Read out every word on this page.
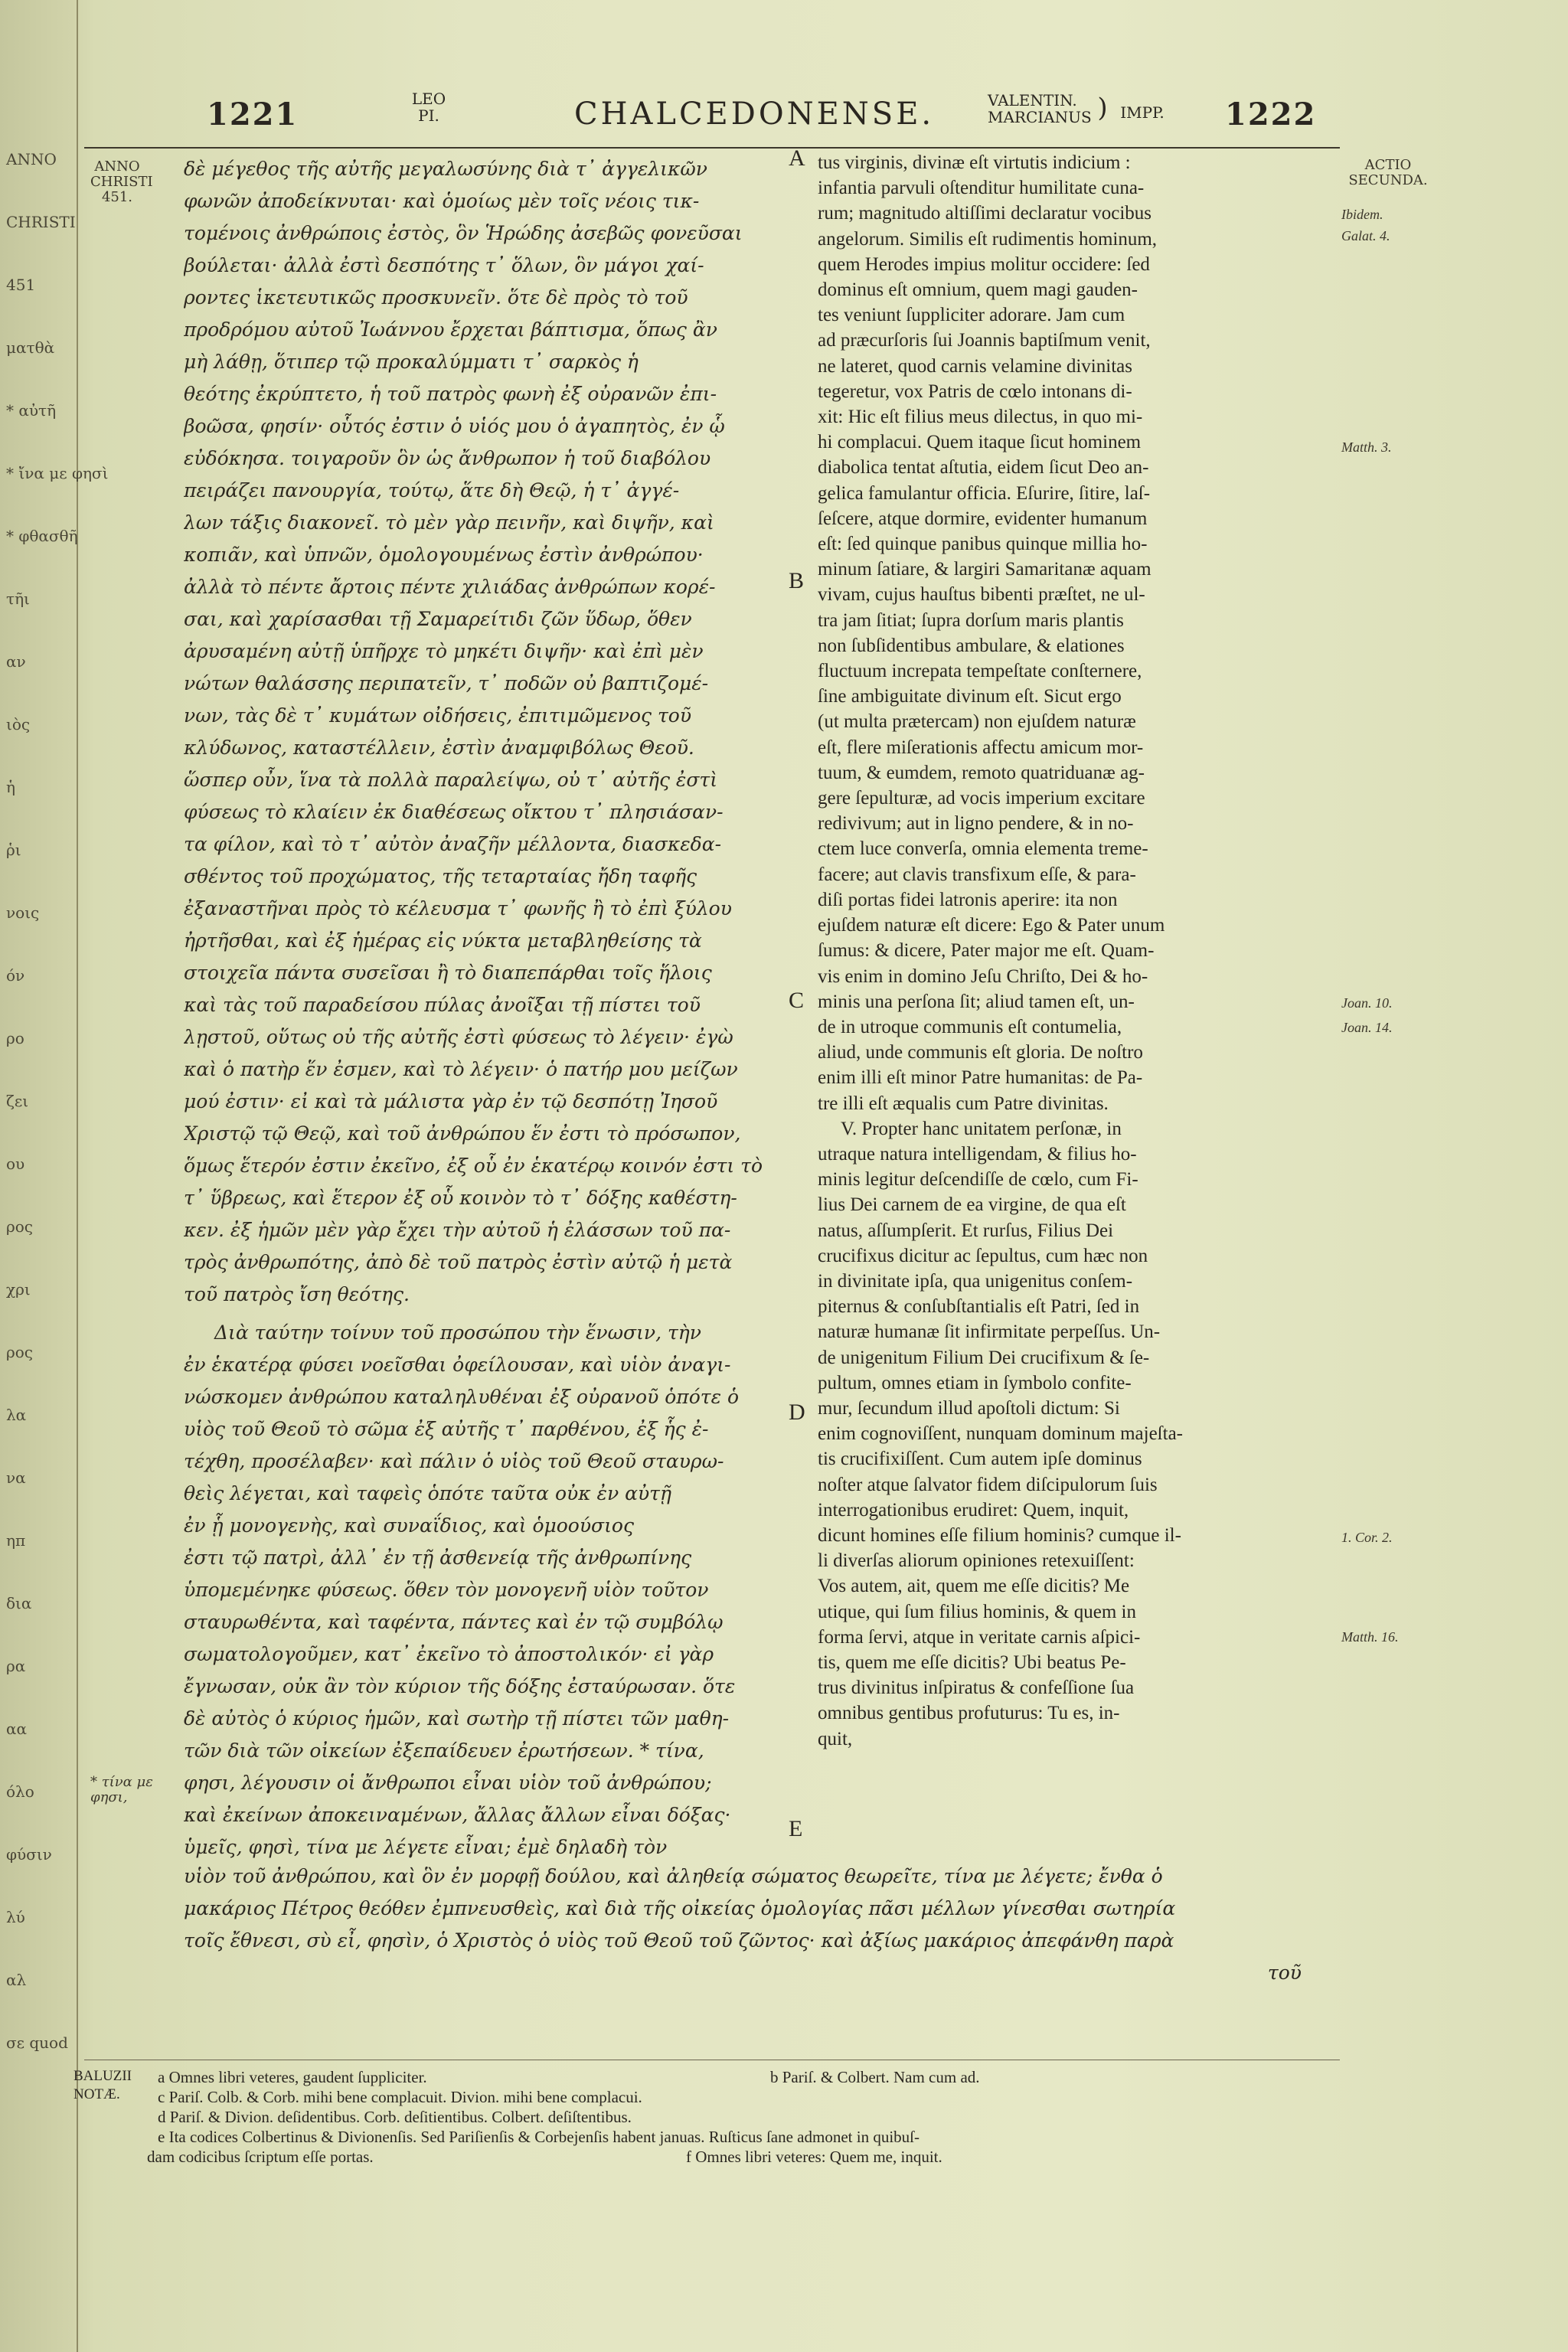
ANNO
CHRISTI
451
ματθὰ
* αὐτῆ
* ἴνα με φησὶ
* φθασθῆ
τῆι
αν
ιὸς
ἡ
ῥι
νοις
όν
ρο
ζει
ου
ρος
χρι
ρος
λα
να
ηπ
δια
ρα
αα
όλο
φύσιν
λύ
αλ
σε quod
1221	LEO
PI.	CHALCEDONENSE.	VALENTIN.
MARCIANUS ) IMPP. 1222
ANNO
CHRISTI
451.
ACTIO
SECUNDA.
Ibidem.
Galat. 4.
Matth. 3.
Joan. 10.
Joan. 14.
1. Cor. 2.
Matth. 16.
A
B
C
D
E
* τίνα με φησι,

δὲ μέγεθος τῆς αὐτῆς μεγαλωσύνης διὰ τ᾿ ἀγγελικῶν

φωνῶν ἀποδείκνυται· καὶ ὁμοίως μὲν τοῖς νέοις τικ-

τομένοις ἀνθρώποις ἐστὸς, ὃν Ἡρώδης ἀσεβῶς φονεῦσαι

βούλεται· ἀλλὰ ἐστὶ δεσπότης τ᾿ ὅλων, ὃν μάγοι χαί-

ροντες ἱκετευτικῶς προσκυνεῖν. ὅτε δὲ πρὸς τὸ τοῦ

προδρόμου αὐτοῦ Ἰωάννου ἔρχεται βάπτισμα, ὅπως ἂν

μὴ λάθῃ, ὅτιπερ τῷ προκαλύμματι τ᾿ σαρκὸς ἡ

θεότης ἐκρύπτετο, ἡ τοῦ πατρὸς φωνὴ ἐξ οὐρανῶν ἐπι-

βοῶσα, φησίν· οὗτός ἐστιν ὁ υἱός μου ὁ ἀγαπητὸς, ἐν ᾧ

εὐδόκησα. τοιγαροῦν ὃν ὡς ἄνθρωπον ἡ τοῦ διαβόλου

πειράζει πανουργία, τούτῳ, ἅτε δὴ Θεῷ, ἡ τ᾿ ἀγγέ-

λων τάξις διακονεῖ. τὸ μὲν γὰρ πεινῆν, καὶ διψῆν, καὶ

κοπιᾶν, καὶ ὑπνῶν, ὁμολογουμένως ἐστὶν ἀνθρώπου·

ἀλλὰ τὸ πέντε ἄρτοις πέντε χιλιάδας ἀνθρώπων κορέ-

σαι, καὶ χαρίσασθαι τῇ Σαμαρείτιδι ζῶν ὕδωρ, ὅθεν

ἀρυσαμένη αὐτῇ ὑπῆρχε τὸ μηκέτι διψῆν· καὶ ἐπὶ μὲν

νώτων θαλάσσης περιπατεῖν, τ᾿ ποδῶν οὐ βαπτιζομέ-

νων, τὰς δὲ τ᾿ κυμάτων οἰδήσεις, ἐπιτιμῶμενος τοῦ

κλύδωνος, καταστέλλειν, ἐστὶν ἀναμφιβόλως Θεοῦ.

ὥσπερ οὖν, ἵνα τὰ πολλὰ παραλείψω, οὐ τ᾿ αὐτῆς ἐστὶ

φύσεως τὸ κλαίειν ἐκ διαθέσεως οἴκτου τ᾿ πλησιάσαν-

τα φίλον, καὶ τὸ τ᾿ αὐτὸν ἀναζῆν μέλλοντα, διασκεδα-

σθέντος τοῦ προχώματος, τῆς τεταρταίας ἤδη ταφῆς

ἐξαναστῆναι πρὸς τὸ κέλευσμα τ᾿ φωνῆς ἢ τὸ ἐπὶ ξύλου

ἠρτῆσθαι, καὶ ἐξ ἡμέρας εἰς νύκτα μεταβληθείσης τὰ

στοιχεῖα πάντα συσεῖσαι ἢ τὸ διαπεπάρθαι τοῖς ἥλοις

καὶ τὰς τοῦ παραδείσου πύλας ἀνοῖξαι τῇ πίστει τοῦ

λῃστοῦ, οὕτως οὐ τῆς αὐτῆς ἐστὶ φύσεως τὸ λέγειν· ἐγὼ

καὶ ὁ πατὴρ ἕν ἐσμεν, καὶ τὸ λέγειν· ὁ πατήρ μου μείζων

μού ἐστιν· εἰ καὶ τὰ μάλιστα γὰρ ἐν τῷ δεσπότῃ Ἰησοῦ

Χριστῷ τῷ Θεῷ, καὶ τοῦ ἀνθρώπου ἕν ἐστι τὸ πρόσωπον,

ὅμως ἕτερόν ἐστιν ἐκεῖνο, ἐξ οὗ ἐν ἑκατέρῳ κοινόν ἐστι τὸ

τ᾿ ὕβρεως, καὶ ἕτερον ἐξ οὗ κοινὸν τὸ τ᾿ δόξης καθέστη-

κεν. ἐξ ἡμῶν μὲν γὰρ ἔχει τὴν αὐτοῦ ἡ ἐλάσσων τοῦ πα-

τρὸς ἀνθρωπότης, ἀπὸ δὲ τοῦ πατρὸς ἐστὶν αὐτῷ ἡ μετὰ

τοῦ πατρὸς ἴση θεότης.

Διὰ ταύτην τοίνυν τοῦ προσώπου τὴν ἕνωσιν, τὴν

ἐν ἑκατέρᾳ φύσει νοεῖσθαι ὀφείλουσαν, καὶ υἱὸν ἀναγι-

νώσκομεν ἀνθρώπου καταληλυθέναι ἐξ οὐρανοῦ ὁπότε ὁ

υἱὸς τοῦ Θεοῦ τὸ σῶμα ἐξ αὐτῆς τ᾿ παρθένου, ἐξ ἧς ἐ-

τέχθη, προσέλαβεν· καὶ πάλιν ὁ υἱὸς τοῦ Θεοῦ σταυρω-

θεὶς λέγεται, καὶ ταφεὶς ὁπότε ταῦτα οὐκ ἐν αὐτῇ

ἐν ᾗ μονογενὴς, καὶ συναΐδιος, καὶ ὁμοούσιος

ἐστι τῷ πατρὶ, ἀλλ᾿ ἐν τῇ ἀσθενείᾳ τῆς ἀνθρωπίνης

ὑπομεμένηκε φύσεως. ὅθεν τὸν μονογενῆ υἱὸν τοῦτον

σταυρωθέντα, καὶ ταφέντα, πάντες καὶ ἐν τῷ συμβόλῳ

σωματολογοῦμεν, κατ᾿ ἐκεῖνο τὸ ἀποστολικόν· εἰ γὰρ

ἔγνωσαν, οὐκ ἂν τὸν κύριον τῆς δόξης ἐσταύρωσαν. ὅτε

δὲ αὐτὸς ὁ κύριος ἡμῶν, καὶ σωτὴρ τῇ πίστει τῶν μαθη-

τῶν διὰ τῶν οἰκείων ἐξεπαίδευεν ἐρωτήσεων. * τίνα,

φησι, λέγουσιν οἱ ἄνθρωποι εἶναι υἱὸν τοῦ ἀνθρώπου;

καὶ ἐκείνων ἀποκειναμένων, ἄλλας ἄλλων εἶναι δόξας·

ὑμεῖς, φησὶ, τίνα με λέγετε εἶναι; ἐμὲ δηλαδὴ τὸν

tus virginis, divinæ eſt virtutis indicium :

infantia parvuli oſtenditur humilitate cuna-

rum; magnitudo altiſſimi declaratur vocibus

angelorum. Similis eſt rudimentis hominum,

quem Herodes impius molitur occidere: ſed

dominus eſt omnium, quem magi gauden-

tes veniunt ſuppliciter adorare. Jam cum

ad præcurſoris ſui Joannis baptiſmum venit,

ne lateret, quod carnis velamine divinitas

tegeretur, vox Patris de cœlo intonans di-

xit: Hic eſt filius meus dilectus, in quo mi-

hi complacui. Quem itaque ſicut hominem

diabolica tentat aſtutia, eidem ſicut Deo an-

gelica famulantur officia. Eſurire, ſitire, laſ-

ſeſcere, atque dormire, evidenter humanum

eſt: ſed quinque panibus quinque millia ho-

minum ſatiare, & largiri Samaritanæ aquam

vivam, cujus hauſtus bibenti præſtet, ne ul-

tra jam ſitiat; ſupra dorſum maris plantis

non ſubſidentibus ambulare, & elationes

fluctuum increpata tempeſtate conſternere,

ſine ambiguitate divinum eſt. Sicut ergo

(ut multa prætercam) non ejuſdem naturæ

eſt, flere miſerationis affectu amicum mor-

tuum, & eumdem, remoto quatriduanæ ag-

gere ſepulturæ, ad vocis imperium excitare

redivivum; aut in ligno pendere, & in no-

ctem luce converſa, omnia elementa treme-

facere; aut clavis transfixum eſſe, & para-

diſi portas fidei latronis aperire: ita non

ejuſdem naturæ eſt dicere: Ego & Pater unum

ſumus: & dicere, Pater major me eſt. Quam-

vis enim in domino Jeſu Chriſto, Dei & ho-

minis una perſona ſit; aliud tamen eſt, un-

de in utroque communis eſt contumelia,

aliud, unde communis eſt gloria. De noſtro

enim illi eſt minor Patre humanitas: de Pa-

tre illi eſt æqualis cum Patre divinitas.

V. Propter hanc unitatem perſonæ, in

utraque natura intelligendam, & filius ho-

minis legitur deſcendiſſe de cœlo, cum Fi-

lius Dei carnem de ea virgine, de qua eſt

natus, aſſumpſerit. Et rurſus, Filius Dei

crucifixus dicitur ac ſepultus, cum hæc non

in divinitate ipſa, qua unigenitus conſem-

piternus & conſubſtantialis eſt Patri, ſed in

naturæ humanæ ſit infirmitate perpeſſus. Un-

de unigenitum Filium Dei crucifixum & ſe-

pultum, omnes etiam in ſymbolo confite-

mur, ſecundum illud apoſtoli dictum: Si

enim cognoviſſent, nunquam dominum majeſta-

tis crucifixiſſent. Cum autem ipſe dominus

noſter atque ſalvator fidem diſcipulorum ſuis

interrogationibus erudiret: Quem, inquit,

dicunt homines eſſe filium hominis? cumque il-

li diverſas aliorum opiniones retexuiſſent:

Vos autem, ait, quem me eſſe dicitis? Me

utique, qui ſum filius hominis, & quem in

forma ſervi, atque in veritate carnis aſpici-

tis, quem me eſſe dicitis? Ubi beatus Pe-

trus divinitus inſpiratus & confeſſione ſua

omnibus gentibus profuturus: Tu es, in-

quit,

υἱὸν τοῦ ἀνθρώπου, καὶ ὃν ἐν μορφῇ δούλου, καὶ ἀληθείᾳ σώματος θεωρεῖτε, τίνα με λέγετε; ἔνθα ὁ

μακάριος Πέτρος θεόθεν ἐμπνευσθεὶς, καὶ διὰ τῆς οἰκείας ὁμολογίας πᾶσι μέλλων γίνεσθαι σωτηρία

τοῖς ἔθνεσι, σὺ εἶ, φησὶν, ὁ Χριστὸς ὁ υἱὸς τοῦ Θεοῦ τοῦ ζῶντος· καὶ ἀξίως μακάριος ἀπεφάνθη παρὰ

τοῦ

BALUZII
NOTÆ.
a Omnes libri veteres, gaudent ſuppliciter.	b Pariſ. & Colbert. Nam cum ad.
c Pariſ. Colb. & Corb. mihi bene complacuit. Divion. mihi bene complacui.
d Pariſ. & Divion. deſidentibus. Corb. deſitientibus. Colbert. deſiſtentibus.
e Ita codices Colbertinus & Divionenſis. Sed Pariſienſis & Corbejenſis habent januas. Ruſticus ſane admonet in quibuſ-
dam codicibus ſcriptum eſſe portas.	f Omnes libri veteres: Quem me, inquit.
